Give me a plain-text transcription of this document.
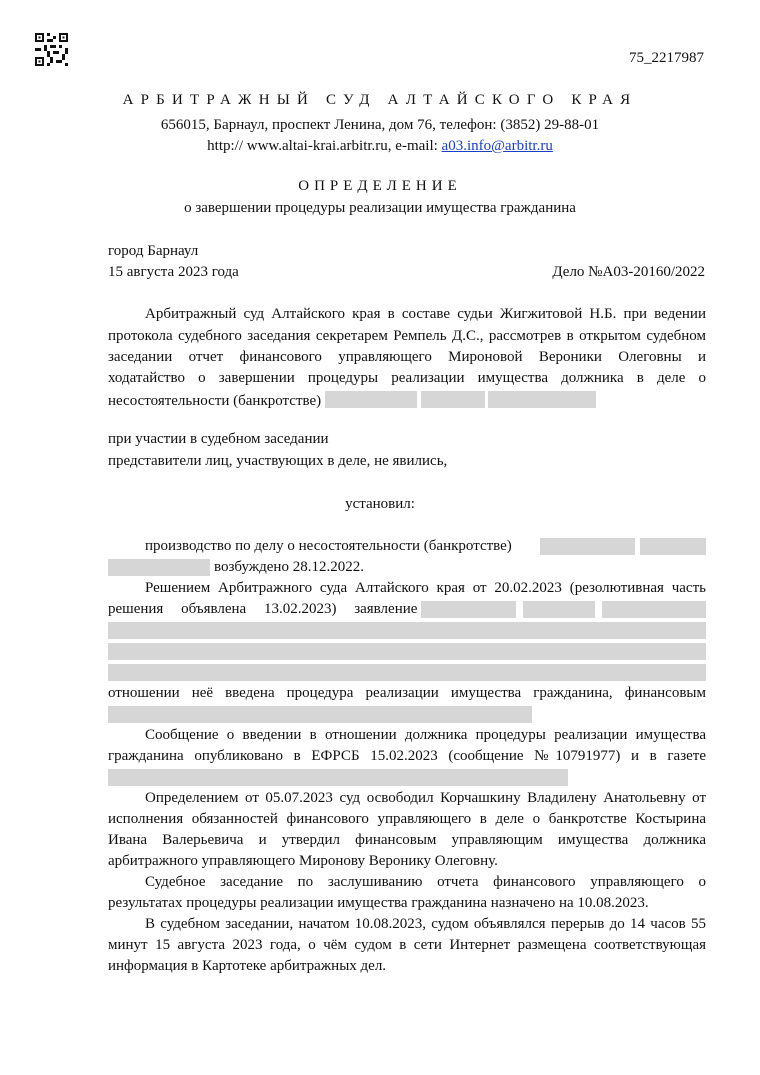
75_2217987
АРБИТРАЖНЫЙ СУД АЛТАЙСКОГО КРАЯ
656015, Барнаул, проспект Ленина, дом 76, телефон: (3852) 29-88-01
http:// www.altai-krai.arbitr.ru, e-mail: a03.info@arbitr.ru
ОПРЕДЕЛЕНИЕ
о завершении процедуры реализации имущества гражданина
город Барнаул
15 августа 2023 года	Дело №А03-20160/2022
Арбитражный суд Алтайского края в составе судьи Жигжитовой Н.Б. при ведении
протокола судебного заседания секретарем Ремпель Д.С., рассмотрев в открытом судебном
заседании отчет финансового управляющего Мироновой Вероники Олеговны и
ходатайство о завершении процедуры реализации имущества должника в деле о
несостоятельности (банкротстве)
при участии в судебном заседании
представители лиц, участвующих в деле, не явились,
установил:
производство по делу о несостоятельности (банкротстве)
возбуждено 28.12.2022.
Решением Арбитражного суда Алтайского края от 20.02.2023 (резолютивная часть
решения объявлена 13.02.2023) заявление
отношении неё введена процедура реализации имущества гражданина, финансовым
Сообщение о введении в отношении должника процедуры реализации имущества
гражданина опубликовано в ЕФРСБ 15.02.2023 (сообщение №10791977) и в газете
Определением от 05.07.2023 суд освободил Корчашкину Владилену Анатольевну от
исполнения обязанностей финансового управляющего в деле о банкротстве Костырина
Ивана Валерьевича и утвердил финансовым управляющим имущества должника
арбитражного управляющего Миронову Веронику Олеговну.
Судебное заседание по заслушиванию отчета финансового управляющего о
результатах процедуры реализации имущества гражданина назначено на 10.08.2023.
В судебном заседании, начатом 10.08.2023, судом объявлялся перерыв до 14 часов 55
минут 15 августа 2023 года, о чём судом в сети Интернет размещена соответствующая
информация в Картотеке арбитражных дел.
